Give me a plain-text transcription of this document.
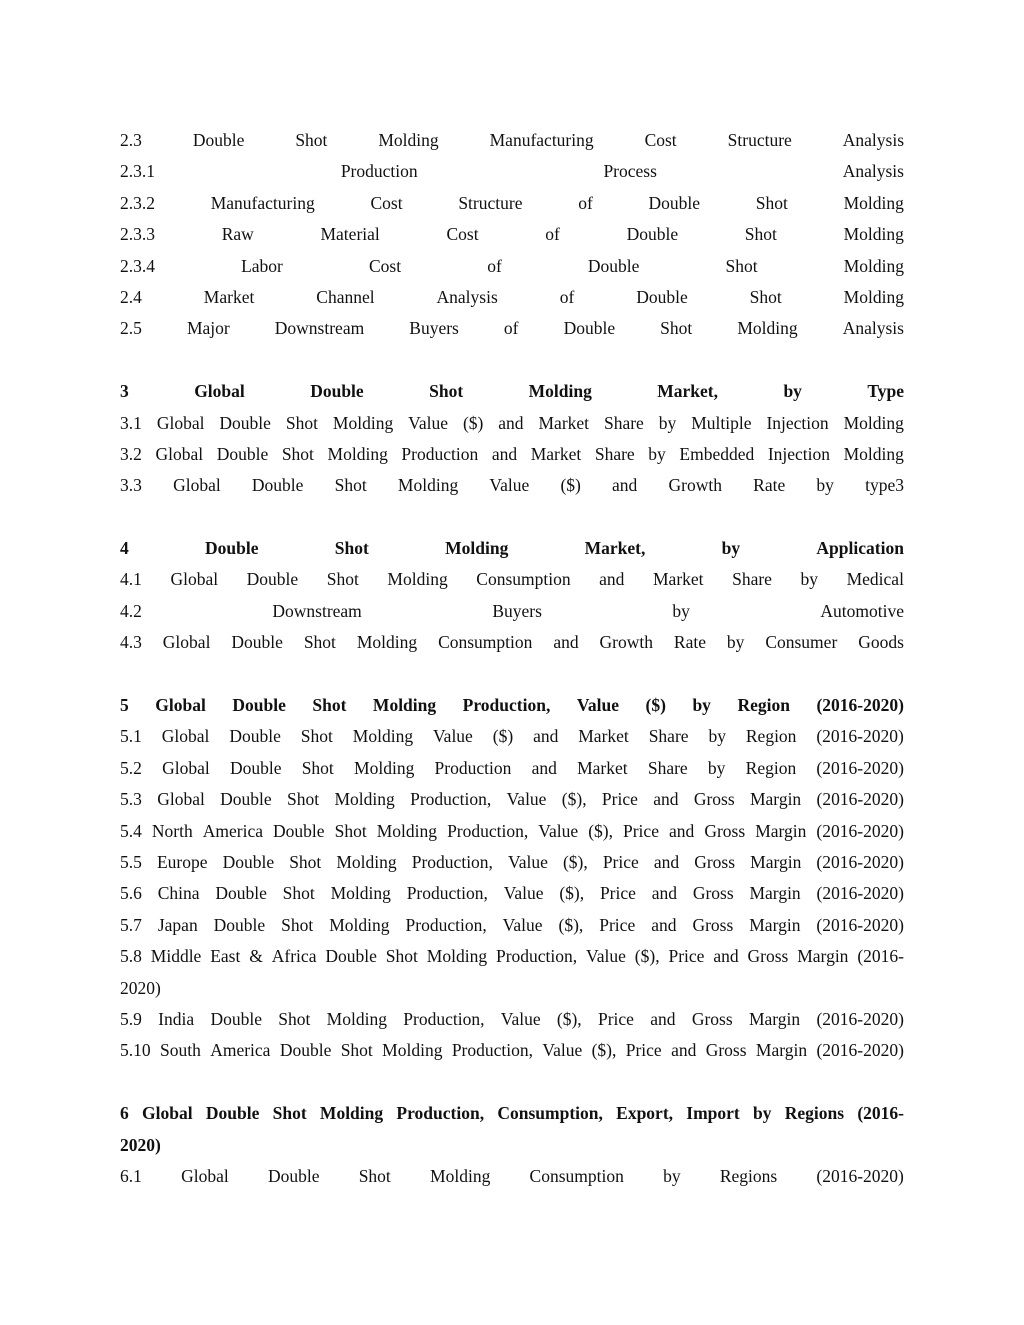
2.3	Double	Shot	Molding	Manufacturing	Cost	Structure	Analysis
2.3.1	Production	Process	Analysis
2.3.2	Manufacturing	Cost	Structure	of	Double	Shot	Molding
2.3.3	Raw	Material	Cost	of	Double	Shot	Molding
2.3.4	Labor	Cost	of	Double	Shot	Molding
2.4	Market	Channel	Analysis	of	Double	Shot	Molding
2.5	Major	Downstream	Buyers	of	Double	Shot	Molding	Analysis
3	Global	Double	Shot	Molding	Market,	by	Type
3.1 Global Double Shot Molding Value ($) and Market Share by Multiple Injection Molding
3.2 Global Double Shot Molding Production and Market Share by Embedded Injection Molding
3.3 Global Double Shot Molding Value ($) and Growth Rate by type3
4	Double	Shot	Molding	Market,	by	Application
4.1 Global Double Shot Molding Consumption and Market Share by Medical
4.2	Downstream	Buyers	by	Automotive
4.3 Global Double Shot Molding Consumption and Growth Rate by Consumer Goods
5 Global Double Shot Molding Production, Value ($) by Region (2016-2020)
5.1 Global Double Shot Molding Value ($) and Market Share by Region (2016-2020)
5.2 Global Double Shot Molding Production and Market Share by Region (2016-2020)
5.3 Global Double Shot Molding Production, Value ($), Price and Gross Margin (2016-2020)
5.4 North America Double Shot Molding Production, Value ($), Price and Gross Margin (2016-2020)
5.5 Europe Double Shot Molding Production, Value ($), Price and Gross Margin (2016-2020)
5.6 China Double Shot Molding Production, Value ($), Price and Gross Margin (2016-2020)
5.7 Japan Double Shot Molding Production, Value ($), Price and Gross Margin (2016-2020)
5.8 Middle East & Africa Double Shot Molding Production, Value ($), Price and Gross Margin (2016-
2020)
5.9 India Double Shot Molding Production, Value ($), Price and Gross Margin (2016-2020)
5.10 South America Double Shot Molding Production, Value ($), Price and Gross Margin (2016-2020)
6 Global Double Shot Molding Production, Consumption, Export, Import by Regions (2016-
2020)
6.1 Global Double Shot Molding Consumption by Regions (2016-2020)
